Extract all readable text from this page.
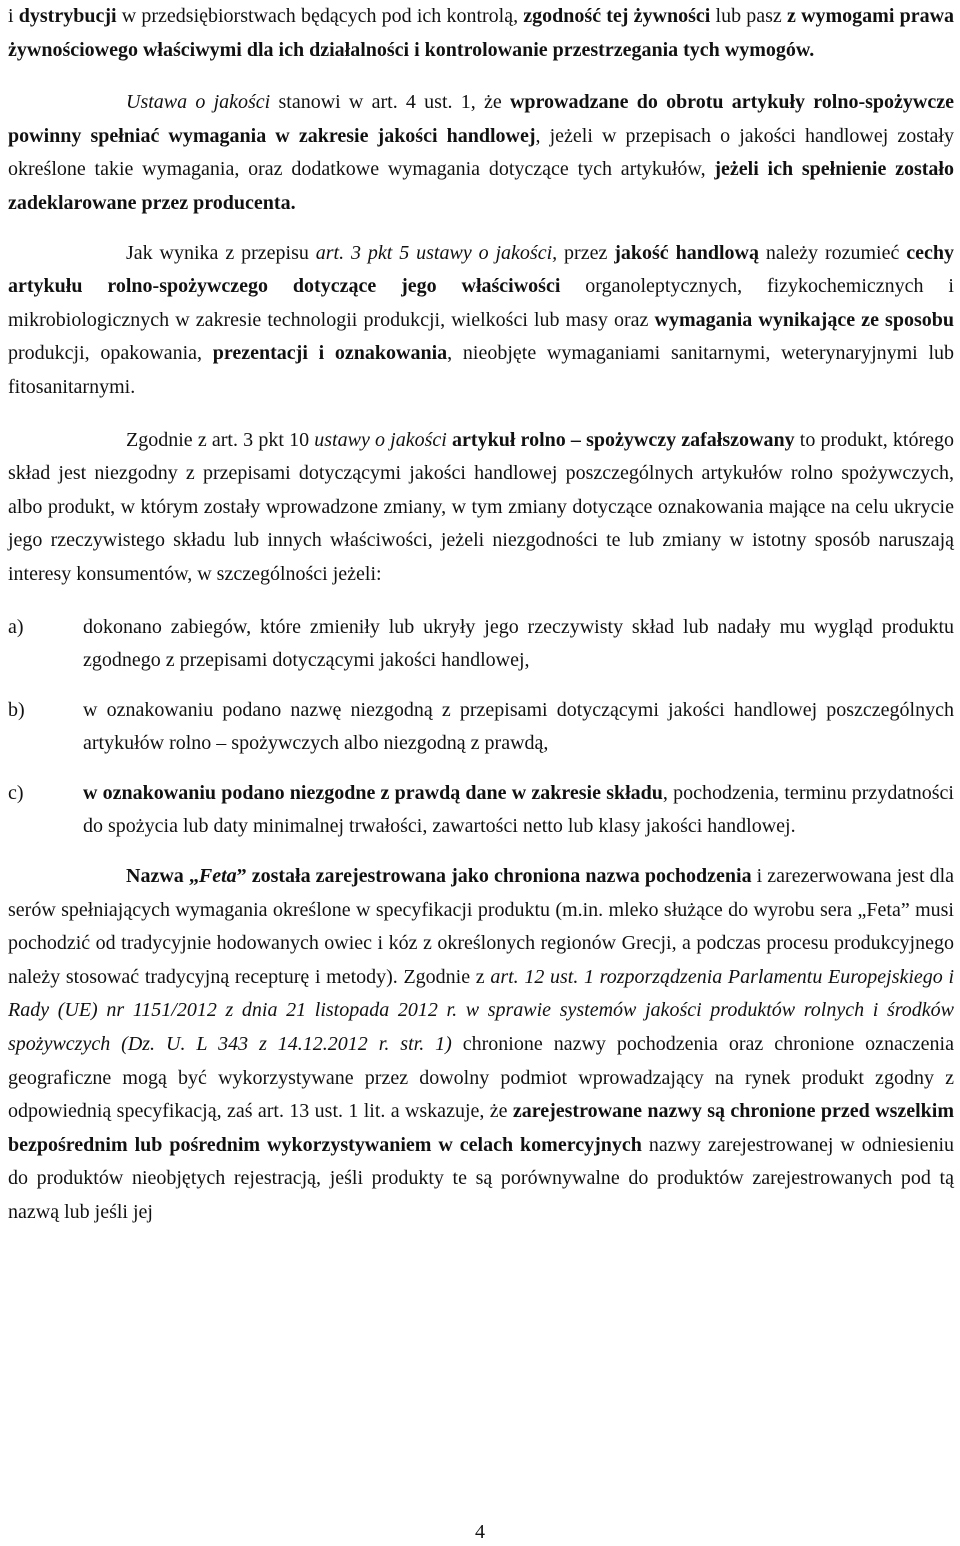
i dystrybucji w przedsiębiorstwach będących pod ich kontrolą, zgodność tej żywności lub pasz z wymogami prawa żywnościowego właściwymi dla ich działalności i kontrolowanie przestrzegania tych wymogów.

Ustawa o jakości stanowi w art. 4 ust. 1, że wprowadzane do obrotu artykuły rolno-spożywcze powinny spełniać wymagania w zakresie jakości handlowej, jeżeli w przepisach o jakości handlowej zostały określone takie wymagania, oraz dodatkowe wymagania dotyczące tych artykułów, jeżeli ich spełnienie zostało zadeklarowane przez producenta.

Jak wynika z przepisu art. 3 pkt 5 ustawy o jakości, przez jakość handlową należy rozumieć cechy artykułu rolno-spożywczego dotyczące jego właściwości organoleptycznych, fizykochemicznych i mikrobiologicznych w zakresie technologii produkcji, wielkości lub masy oraz wymagania wynikające ze sposobu produkcji, opakowania, prezentacji i oznakowania, nieobjęte wymaganiami sanitarnymi, weterynaryjnymi lub fitosanitarnymi.

Zgodnie z art. 3 pkt 10 ustawy o jakości artykuł rolno – spożywczy zafałszowany to produkt, którego skład jest niezgodny z przepisami dotyczącymi jakości handlowej poszczególnych artykułów rolno spożywczych, albo produkt, w którym zostały wprowadzone zmiany, w tym zmiany dotyczące oznakowania mające na celu ukrycie jego rzeczywistego składu lub innych właściwości, jeżeli niezgodności te lub zmiany w istotny sposób naruszają interesy konsumentów, w szczególności jeżeli:

a)	dokonano zabiegów, które zmieniły lub ukryły jego rzeczywisty skład lub nadały mu wygląd produktu zgodnego z przepisami dotyczącymi jakości handlowej,
b)	w oznakowaniu podano nazwę niezgodną z przepisami dotyczącymi jakości handlowej poszczególnych artykułów rolno – spożywczych albo niezgodną z prawdą,
c)	w oznakowaniu podano niezgodne z prawdą dane w zakresie składu, pochodzenia, terminu przydatności do spożycia lub daty minimalnej trwałości, zawartości netto lub klasy jakości handlowej.

Nazwa „Feta” została zarejestrowana jako chroniona nazwa pochodzenia i zarezerwowana jest dla serów spełniających wymagania określone w specyfikacji produktu (m.in. mleko służące do wyrobu sera „Feta” musi pochodzić od tradycyjnie hodowanych owiec i kóz z określonych regionów Grecji, a podczas procesu produkcyjnego należy stosować tradycyjną recepturę i metody). Zgodnie z art. 12 ust. 1 rozporządzenia Parlamentu Europejskiego i Rady (UE) nr 1151/2012 z dnia 21 listopada 2012 r. w sprawie systemów jakości produktów rolnych i środków spożywczych (Dz. U. L 343 z 14.12.2012 r. str. 1) chronione nazwy pochodzenia oraz chronione oznaczenia geograficzne mogą być wykorzystywane przez dowolny podmiot wprowadzający na rynek produkt zgodny z odpowiednią specyfikacją, zaś art. 13 ust. 1 lit. a wskazuje, że zarejestrowane nazwy są chronione przed wszelkim bezpośrednim lub pośrednim wykorzystywaniem w celach komercyjnych nazwy zarejestrowanej w odniesieniu do produktów nieobjętych rejestracją, jeśli produkty te są porównywalne do produktów zarejestrowanych pod tą nazwą lub jeśli jej

4
